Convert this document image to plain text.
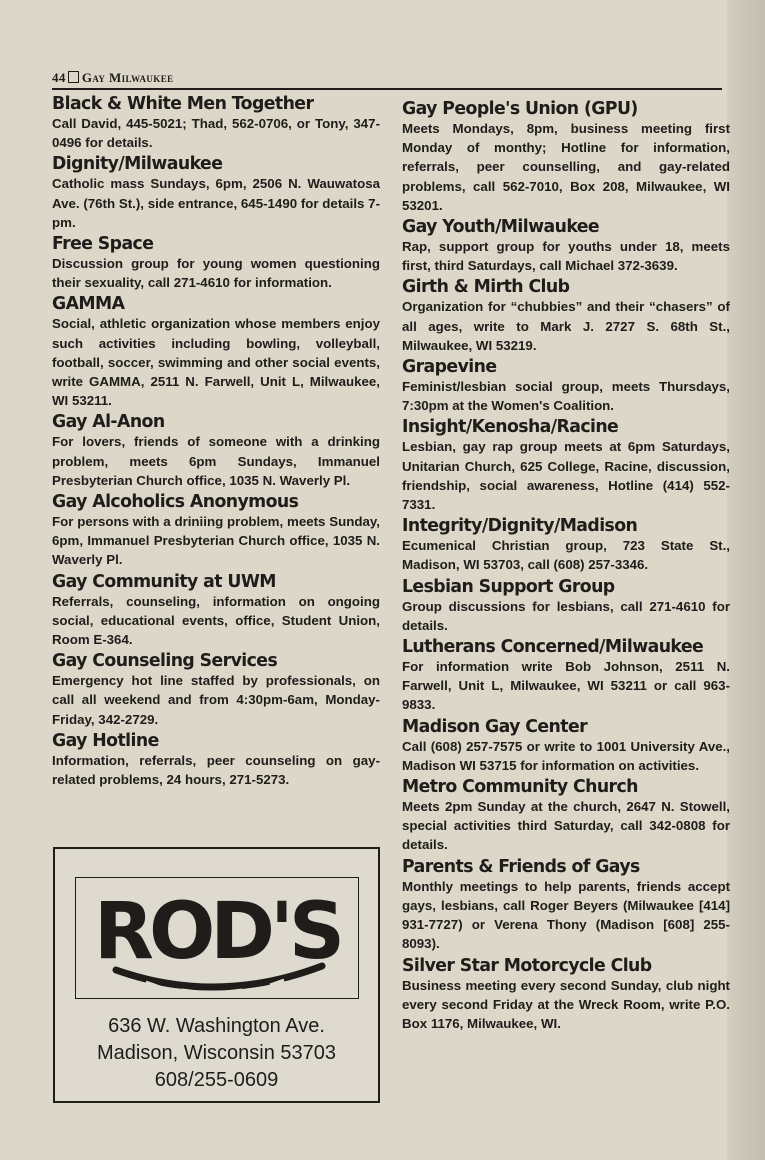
44 Gay Milwaukee
Black & White Men Together

Call David, 445-5021; Thad, 562-0706, or Tony, 347-0496 for details.

Dignity/Milwaukee

Catholic mass Sundays, 6pm, 2506 N. Wauwatosa Ave. (76th St.), side entrance, 645-1490 for details 7-pm.

Free Space

Discussion group for young women questioning their sexuality, call 271-4610 for information.

GAMMA

Social, athletic organization whose members enjoy such activities including bowling, volleyball, football, soccer, swimming and other social events, write GAMMA, 2511 N. Farwell, Unit L, Milwaukee, WI 53211.

Gay Al-Anon

For lovers, friends of someone with a drinking problem, meets 6pm Sundays, Immanuel Presbyterian Church office, 1035 N. Waverly Pl.

Gay Alcoholics Anonymous

For persons with a driniing problem, meets Sunday, 6pm, Immanuel Presbyterian Church office, 1035 N. Waverly Pl.

Gay Community at UWM

Referrals, counseling, information on ongoing social, educational events, office, Student Union, Room E-364.

Gay Counseling Services

Emergency hot line staffed by professionals, on call all weekend and from 4:30pm-6am, Monday-Friday, 342-2729.

Gay Hotline

Information, referrals, peer counseling on gay-related problems, 24 hours, 271-5273.

Gay People's Union (GPU)

Meets Mondays, 8pm, business meeting first Monday of monthy; Hotline for information, referrals, peer counselling, and gay-related problems, call 562-7010, Box 208, Milwaukee, WI 53201.

Gay Youth/Milwaukee

Rap, support group for youths under 18, meets first, third Saturdays, call Michael 372-3639.

Girth & Mirth Club

Organization for “chubbies” and their “chasers” of all ages, write to Mark J. 2727 S. 68th St., Milwaukee, WI 53219.

Grapevine

Feminist/lesbian social group, meets Thursdays, 7:30pm at the Women's Coalition.

Insight/Kenosha/Racine

Lesbian, gay rap group meets at 6pm Saturdays, Unitarian Church, 625 College, Racine, discussion, friendship, social awareness, Hotline (414) 552-7331.

Integrity/Dignity/Madison

Ecumenical Christian group, 723 State St., Madison, WI 53703, call (608) 257-3346.

Lesbian Support Group

Group discussions for lesbians, call 271-4610 for details.

Lutherans Concerned/Milwaukee

For information write Bob Johnson, 2511 N. Farwell, Unit L, Milwaukee, WI 53211 or call 963-9833.

Madison Gay Center

Call (608) 257-7575 or write to 1001 University Ave., Madison WI 53715 for information on activities.

Metro Community Church

Meets 2pm Sunday at the church, 2647 N. Stowell, special activities third Saturday, call 342-0808 for details.

Parents & Friends of Gays

Monthly meetings to help parents, friends accept gays, lesbians, call Roger Beyers (Milwaukee [414] 931-7727) or Verena Thony (Madison [608] 255-8093).

Silver Star Motorcycle Club

Business meeting every second Sunday, club night every second Friday at the Wreck Room, write P.O. Box 1176, Milwaukee, WI.

ROD'S
636 W. Washington Ave.
Madison, Wisconsin 53703
608/255-0609
